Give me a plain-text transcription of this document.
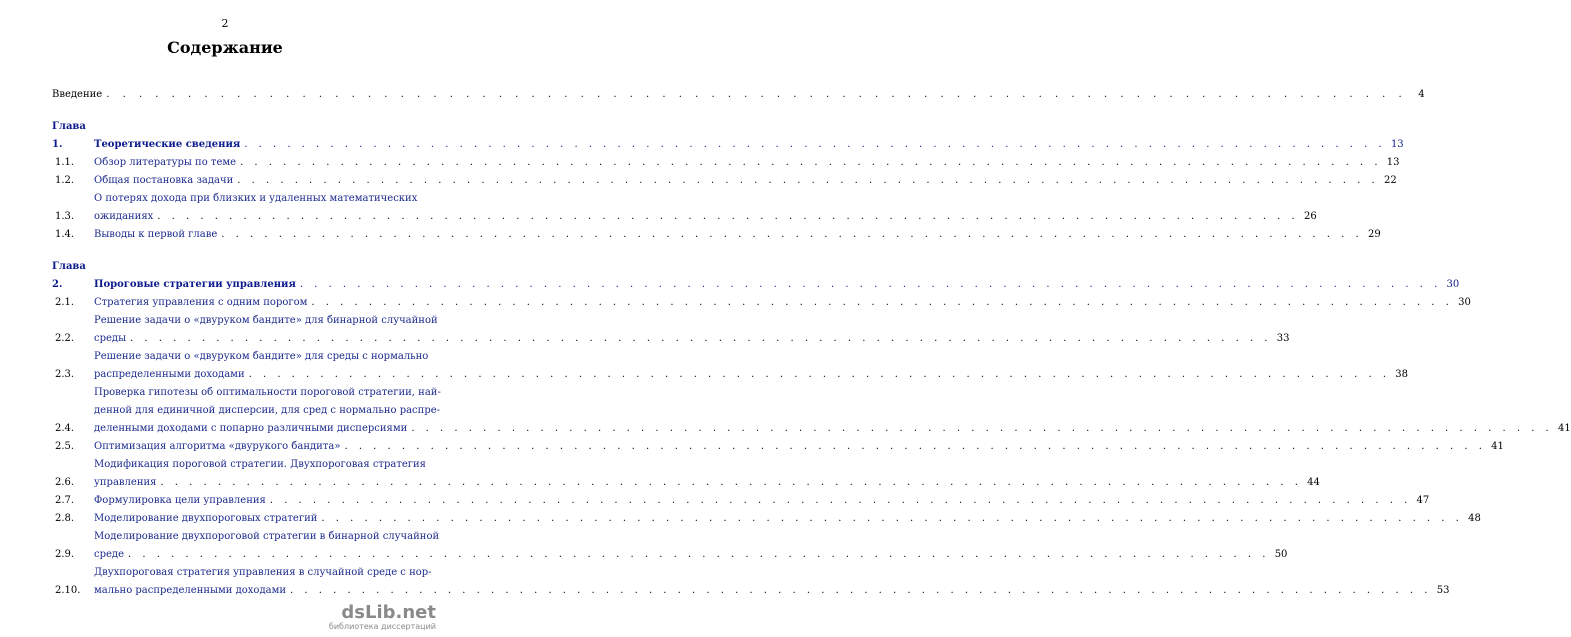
2
Содержание
Введение . . . . . . . . . . . . . . . . . . . . . . . . . . . . . . . . . . . . . . . . . . . . . . . . . . . . . . . . . . . . . . . . . . . . . . . . . . . . . . . .	4
Глава 1.	Теоретические сведения . . . . . . . . . . . . . . . . . . . . . . . . . . . . . . . . . . . . . . . . . . . . . . . . . . . . . . . . . . . . . . . . . . . . . . . . . . . . . . . . 13
1.1.	Обзор литературы по теме . . . . . . . . . . . . . . . . . . . . . . . . . . . . . . . . . . . . . . . . . . . . . . . . . . . . . . . . . . . . . . . . . . . . . . . . . . . . . . . . 13
1.2.	Общая постановка задачи . . . . . . . . . . . . . . . . . . . . . . . . . . . . . . . . . . . . . . . . . . . . . . . . . . . . . . . . . . . . . . . . . . . . . . . . . . . . . . . . 22
1.3.
О потерях дохода при близких и удаленных математических
ожиданиях . . . . . . . . . . . . . . . . . . . . . . . . . . . . . . . . . . . . . . . . . . . . . . . . . . . . . . . . . . . . . . . . . . . . . . . . . . . . . . . . 26
1.4.	Выводы к первой главе . . . . . . . . . . . . . . . . . . . . . . . . . . . . . . . . . . . . . . . . . . . . . . . . . . . . . . . . . . . . . . . . . . . . . . . . . . . . . . . . 29
Глава 2.	Пороговые стратегии управления . . . . . . . . . . . . . . . . . . . . . . . . . . . . . . . . . . . . . . . . . . . . . . . . . . . . . . . . . . . . . . . . . . . . . . . . . . . . . . . . 30
2.1.	Стратегия управления с одним порогом . . . . . . . . . . . . . . . . . . . . . . . . . . . . . . . . . . . . . . . . . . . . . . . . . . . . . . . . . . . . . . . . . . . . . . . . . . . . . . . . 30
2.2.
Решение задачи о «двуруком бандите» для бинарной случайной
среды . . . . . . . . . . . . . . . . . . . . . . . . . . . . . . . . . . . . . . . . . . . . . . . . . . . . . . . . . . . . . . . . . . . . . . . . . . . . . . . . 33
2.3.
Решение задачи о «двуруком бандите» для среды с нормально
распределенными доходами . . . . . . . . . . . . . . . . . . . . . . . . . . . . . . . . . . . . . . . . . . . . . . . . . . . . . . . . . . . . . . . . . . . . . . . . . . . . . . . . 38
2.4.
Проверка гипотезы об оптимальности пороговой стратегии, най-
денной для единичной дисперсии, для сред с нормально распре-
деленными доходами с попарно различными дисперсиями . . . . . . . . . . . . . . . . . . . . . . . . . . . . . . . . . . . . . . . . . . . . . . . . . . . . . . . . . . . . . . . . . . . . . . . . . . . . . . . . 41
2.5.	Оптимизация алгоритма «двурукого бандита» . . . . . . . . . . . . . . . . . . . . . . . . . . . . . . . . . . . . . . . . . . . . . . . . . . . . . . . . . . . . . . . . . . . . . . . . . . . . . . . . 41
2.6.
Модификация пороговой стратегии. Двухпороговая стратегия
управления . . . . . . . . . . . . . . . . . . . . . . . . . . . . . . . . . . . . . . . . . . . . . . . . . . . . . . . . . . . . . . . . . . . . . . . . . . . . . . . . 44
2.7.	Формулировка цели управления . . . . . . . . . . . . . . . . . . . . . . . . . . . . . . . . . . . . . . . . . . . . . . . . . . . . . . . . . . . . . . . . . . . . . . . . . . . . . . . . 47
2.8.	Моделирование двухпороговых стратегий . . . . . . . . . . . . . . . . . . . . . . . . . . . . . . . . . . . . . . . . . . . . . . . . . . . . . . . . . . . . . . . . . . . . . . . . . . . . . . . . 48
2.9.
Моделирование двухпороговой стратегии в бинарной случайной
среде . . . . . . . . . . . . . . . . . . . . . . . . . . . . . . . . . . . . . . . . . . . . . . . . . . . . . . . . . . . . . . . . . . . . . . . . . . . . . . . . 50
2.10.
Двухпороговая стратегия управления в случайной среде с нор-
мально распределенными доходами . . . . . . . . . . . . . . . . . . . . . . . . . . . . . . . . . . . . . . . . . . . . . . . . . . . . . . . . . . . . . . . . . . . . . . . . . . . . . . . . 53
dsLib.net
библиотека диссертаций
